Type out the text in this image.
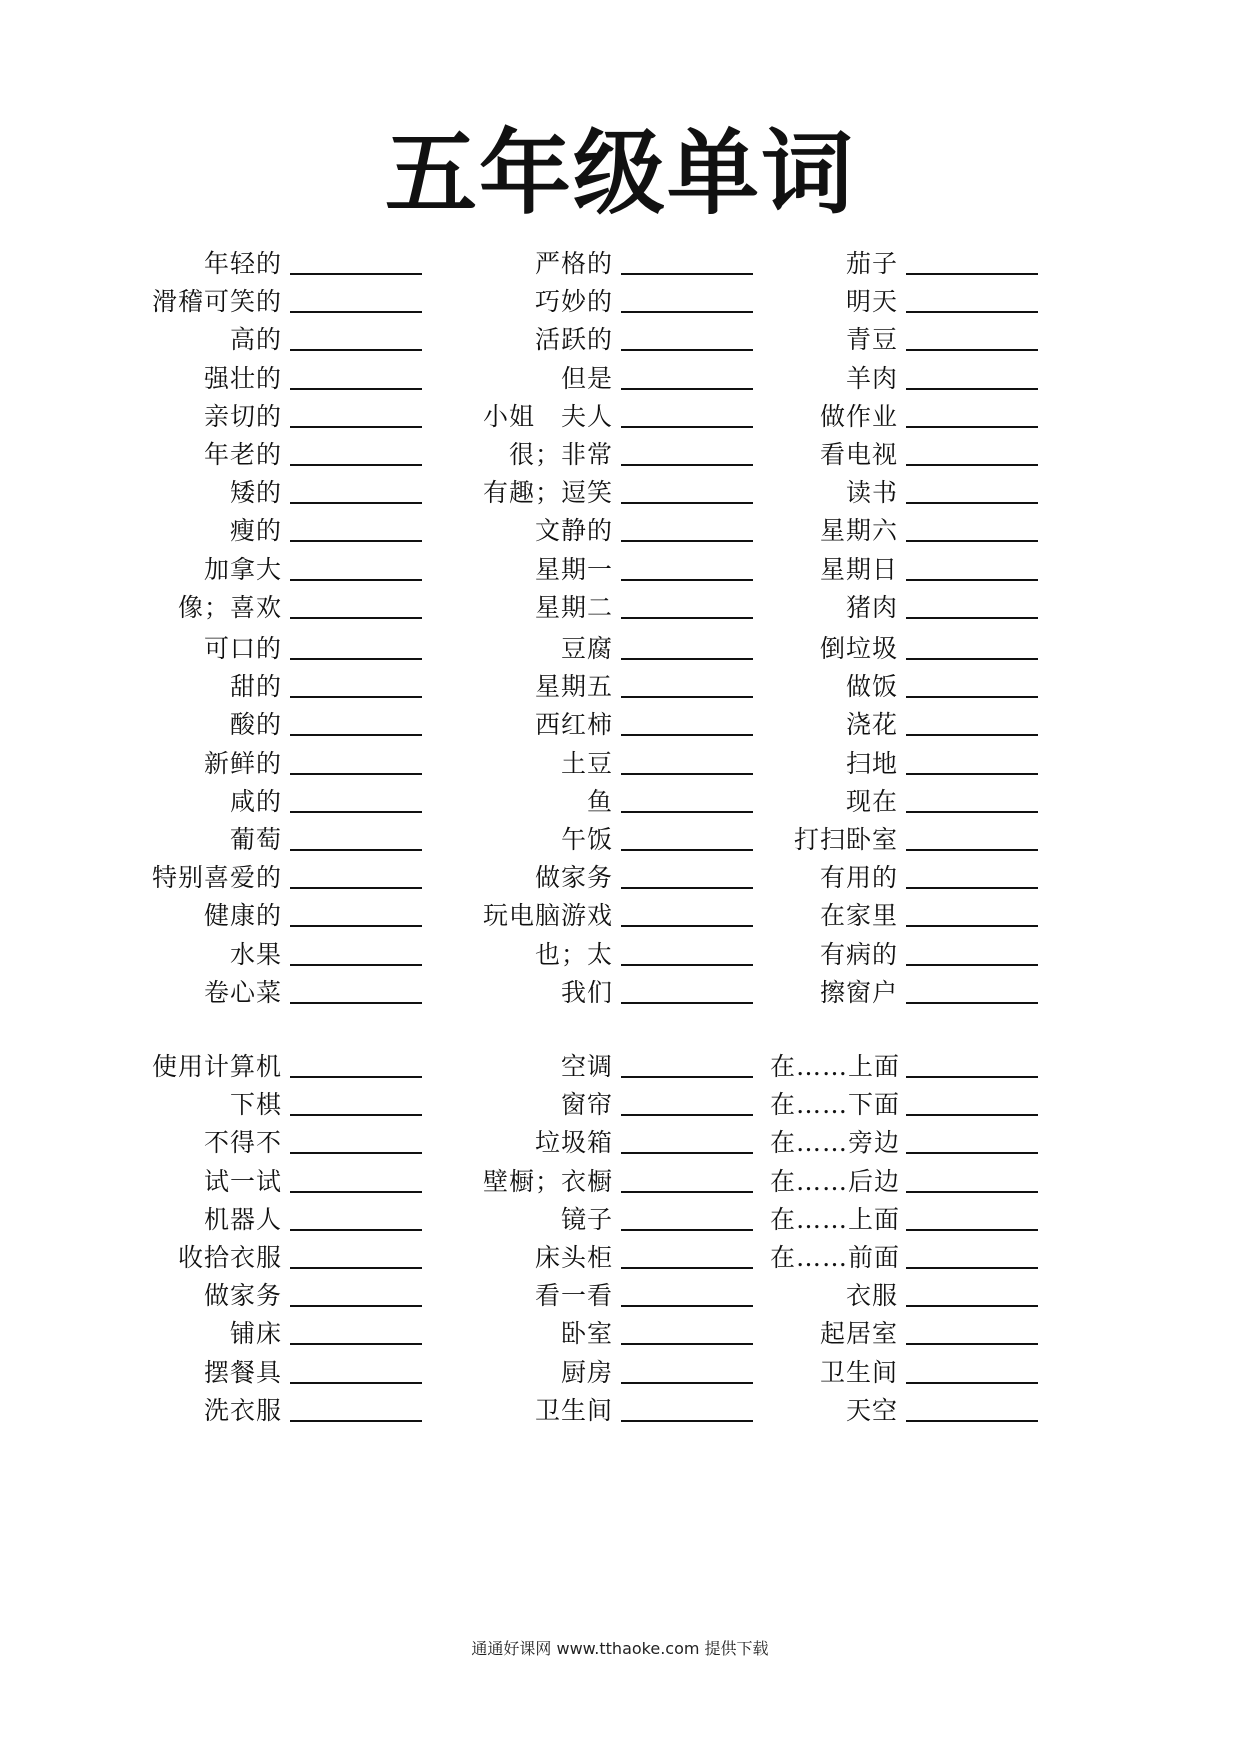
五年级单词
年轻的
滑稽可笑的
高的
强壮的
亲切的
年老的
矮的
瘦的
加拿大
像；喜欢
可口的
甜的
酸的
新鲜的
咸的
葡萄
特别喜爱的
健康的
水果
卷心菜
使用计算机
下棋
不得不
试一试
机器人
收拾衣服
做家务
铺床
摆餐具
洗衣服
严格的
巧妙的
活跃的
但是
小姐　夫人
很；非常
有趣；逗笑
文静的
星期一
星期二
豆腐
星期五
西红柿
土豆
鱼
午饭
做家务
玩电脑游戏
也；太
我们
空调
窗帘
垃圾箱
壁橱；衣橱
镜子
床头柜
看一看
卧室
厨房
卫生间
茄子
明天
青豆
羊肉
做作业
看电视
读书
星期六
星期日
猪肉
倒垃圾
做饭
浇花
扫地
现在
打扫卧室
有用的
在家里
有病的
擦窗户
在……上面
在……下面
在……旁边
在……后边
在……上面
在……前面
衣服
起居室
卫生间
天空
通通好课网 www.tthaoke.com 提供下载
